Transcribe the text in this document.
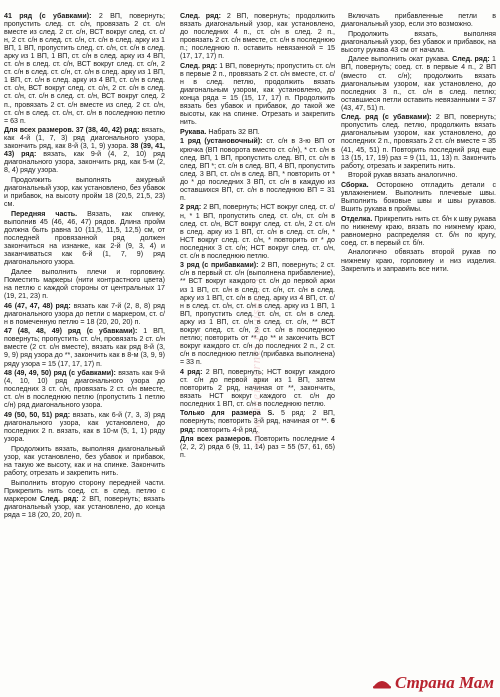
41 ряд (с убавками): 2 ВП, повернуть; пропустить след. ст. с/н, провязать 2 ст. с/н вместе из след. 2 ст. с/н, ВСТ вокруг след. ст. с/н, 2 ст. с/н в след. ст. с/н, ст. с/н в след. арку из 1 ВП, 1 ВП, пропустить след. ст. с/н, ст. с/н в след. арку из 1 ВП, 1 ВП, ст. с/н в след. арку из 4 ВП, ст. с/н в след. ст. с/н, ВСТ вокруг след. ст. с/н, 2 ст. с/н в след. ст. с/н, ст. с/н в след. арку из 1 ВП, 1 ВП, ст. с/н в след. арку из 4 ВП, ст. с/н в след. ст. с/н, ВСТ вокруг след. ст. с/н, 2 ст. с/н в след. ст. с/н, ст. с/н в след. ст. с/н, ВСТ вокруг след. 2 п., провязать 2 ст. с/н вместе из след. 2 ст. с/н, ст. с/н в след. ст. с/н, ст. с/н в последнюю петлю = 63 п.

Для всех размеров. 37 (38, 40, 42) ряд: вязать, как 4-й (1, 7, 3) ряд диагонального узора, закончить ряд, как 8-й (3, 1, 9) узора. 38 (39, 41, 43) ряд: вязать, как 9-й (4, 2, 10) ряд диагонального узора, закончить ряд, как 5-м (2, 8, 4) ряду узора.

Продолжить выполнять ажурный диагональный узор, как установлено, без убавок и прибавок, на высоту пройм 18 (20,5, 21,5, 23) см.

Передняя часть. Вязать, как спинку, выполнив 45 (46, 46, 47) рядов. Длина пройм должна быть равна 10 (11,5, 11,5, 12,5) см, от последней провязанной ряд должен закончиться на изнанке, как 2-й (9, 3, 4) и заканчиваться как 6-й (1, 7, 9) ряд диагонального узора.

Далее выполнить плечи и горловину. Поместить маркеры (нити контрастного цвета) на петлю с каждой стороны от центральных 17 (19, 21, 23) п.

46 (47, 47, 48) ряд: вязать как 7-й (2, 8, 8) ряд диагонального узора до петли с маркером, ст. с/н в помеченную петлю = 18 (20, 20, 20) п.

47 (48, 48, 49) ряд (с убавками): 1 ВП, повернуть; пропустить ст. с/н, провязать 2 ст. с/н вместе (2 ст. с/н вместе), вязать как ряд 8-й (3, 9, 9) ряд узора до **, закончить как в 8-м (3, 9, 9) ряду узора = 15 (17, 17, 17) п.

48 (49, 49, 50) ряд (с убавками): вязать как 9-й (4, 10, 10) ряд диагонального узора до последних 3 ст. с/н, провязать 2 ст. с/н вместе, ст. с/н в последнюю петлю (пропустить 1 петлю с/н) ряд диагонального узора.

49 (50, 50, 51) ряд: вязать, как 6-й (7, 3, 3) ряд диагонального узора, как установлено, до последних 2 п. вязать, как в 10-м (5, 1, 1) ряду узора.

Продолжить вязать, выполняя диагональный узор, как установлено, без убавок и прибавок, на такую же высоту, как и на спинке. Закончить работу, отрезать и закрепить нить.

Выполнить вторую сторону передней части. Прикрепить нить соед. ст. в след. петлю с маркером След. ряд: 2 ВП, повернуть; вязать диагональный узор, как установлено, до конца ряда = 18 (20, 20, 20) п.

След. ряд: 2 ВП, повернуть; продолжить вязать диагональный узор, как установлено, до последних 4 п., ст. с/н в след. 2 п., провязать 2 ст. с/н вместе, ст. с/н в последнюю п.; последнюю п. оставить невязанной = 15 (17, 17, 17) п.

След. ряд: 1 ВП, повернуть; пропустить ст. с/н в первые 2 п., провязать 2 ст. с/н вместе, ст. с/н в след. петлю, продолжить вязать диагональным узором, как установлено, до конца ряда = 15 (15, 17, 17) п. Продолжить вязать без убавок и прибавок, до такой же высоты, как на спинке. Отрезать и закрепить нить.

Рукава. Набрать 32 ВП.

1 ряд (установочный): ст. с/н в 3-ю ВП от крючка (ВП поворота вместо ст. с/н), * ст. с/н в след. ВП, 1 ВП, пропустить след. ВП, ст. с/н в след. ВП *; ст. с/н в след. ВП, 4 ВП, пропустить след. 3 ВП, ст. с/н в след. ВП, * повторить от * до * до последних 3 ВП, ст. с/н в каждую из оставшихся ВП, ст. с/н в последнюю ВП = 31 п.

2 ряд: 2 ВП, повернуть; НСТ вокруг след. ст. с/н, * 1 ВП, пропустить след. ст. с/н, ст. с/н в след. ст. с/н, ВСТ вокруг след. ст. с/н, 2 ст. с/н в след. арку из 1 ВП, ст. с/н в след. ст. с/н, * НСТ вокруг след. ст. с/н, * повторить от * до последних 3 ст. с/н; НСТ вокруг след. ст. с/н, ст. с/н в последнюю петлю.

3 ряд (с прибавками): 2 ВП, повернуть; 2 ст. с/н в первый ст. с/н (выполнена прибавление), ** ВСТ вокруг каждого ст. с/н до первой арки из 1 ВП, ст. с/н в след. ст. с/н, ст. с/н в след. арку из 1 ВП, ст. с/н в след. арку из 4 ВП, ст. с/н в след. ст. с/н, ст. с/н в след. арку из 1 ВП, 1 ВП, пропустить след. ст. с/н, ст. с/н в след. арку из 1 ВП, ст. с/н в след. ст. с/н, ** ВСТ вокруг след. ст. с/н, 2 ст. с/н в последнюю петлю; повторить от ** до ** и закончить ВСТ вокруг каждого ст. с/н до последних 2 п., 2 ст. с/н в последнюю петлю (прибавка выполнена) = 33 п.

4 ряд: 2 ВП, повернуть; НСТ вокруг каждого ст. с/н до первой арки из 1 ВП, затем повторить 2 ряд, начиная от **, закончить, вязать НСТ вокруг каждого ст. с/н до последних 1 ВП, ст. с/н в последнюю петлю.

Только для размера S. 5 ряд: 2 ВП, повернуть; повторить 3-й ряд, начиная от **. 6 ряд: повторить 4-й ряд.

Для всех размеров. Повторить последние 4 (2, 2, 2) ряда 6 (9, 11, 14) раз = 55 (57, 61, 65) п.

Включать прибавленные петли в диагональный узор, если это возможно.

Продолжить вязать, выполняя диагональный узор, без убавок и прибавок, на высоту рукава 43 см от начала.

Далее выполнить окат рукава. След. ряд: 1 ВП, повернуть; соед. ст. в первые 4 п., 2 ВП (вместо ст. с/н); продолжить вязать диагональным узором, как установлено, до последних 3 п., ст. с/н в след. петлю; оставшиеся петли оставить невязанными = 37 (43, 47, 51) п.

След. ряд (с убавками): 2 ВП, повернуть; пропустить след. петлю, продолжить вязать диагональным узором, как установлено, до последних 2 п., провязать 2 ст. с/н вместе = 35 (41, 45, 51) п. Повторить последний ряд еще 13 (15, 17, 19) раз = 9 (11, 11, 13) п. Закончить работу, отрезать и закрепить нить.

Второй рукав вязать аналогично.

Сборка. Осторожно отгладить детали с увлажнением. Выполнить плечевые швы. Выполнить боковые швы и швы рукавов. Вшить рукава в проймы.

Отделка. Прикрепить нить ст. б/н к шву рукава по нижнему краю, вязать по нижнему краю, равномерно распределяя ст. б/н по кругу, соед. ст. в первый ст. б/н.

Аналогично обвязать второй рукав по нижнему краю, горловину и низ изделия. Закрепить и заправить все нити.

www.liveinternet.ru/users/5
Страна Мам
